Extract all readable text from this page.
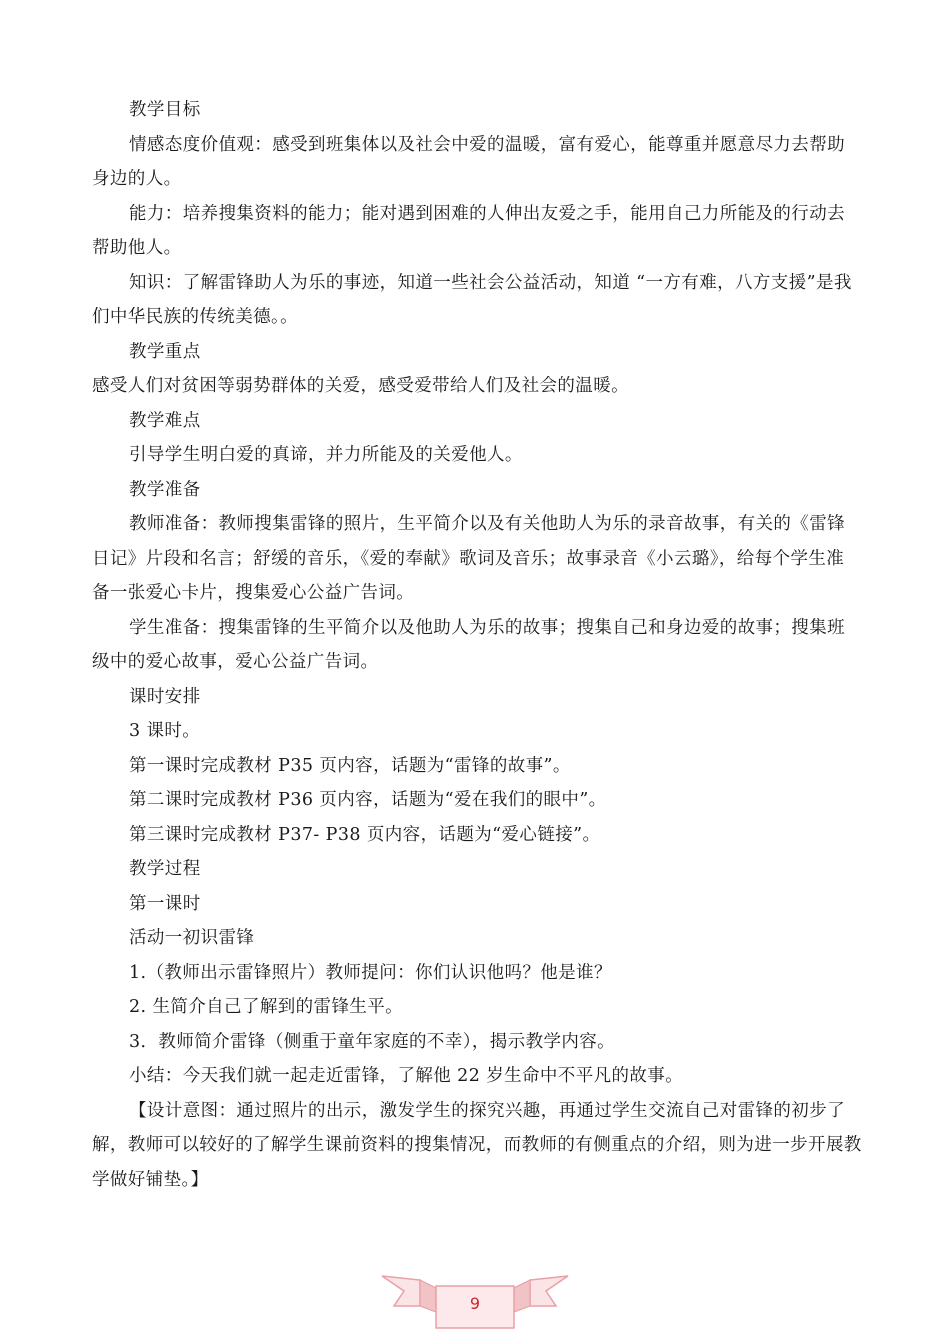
教学目标

情感态度价值观：感受到班集体以及社会中爱的温暖，富有爱心，能尊重并愿意尽力去帮助身边的人。

能力：培养搜集资料的能力；能对遇到困难的人伸出友爱之手，能用自己力所能及的行动去帮助他人。

知识：了解雷锋助人为乐的事迹，知道一些社会公益活动，知道 “一方有难，八方支援”是我们中华民族的传统美德。。

教学重点

感受人们对贫困等弱势群体的关爱，感受爱带给人们及社会的温暖。

教学难点

引导学生明白爱的真谛，并力所能及的关爱他人。

教学准备

教师准备：教师搜集雷锋的照片，生平简介以及有关他助人为乐的录音故事，有关的《雷锋日记》片段和名言；舒缓的音乐，《爱的奉献》歌词及音乐；故事录音《小云璐》，给每个学生准备一张爱心卡片，搜集爱心公益广告词。

学生准备：搜集雷锋的生平简介以及他助人为乐的故事；搜集自己和身边爱的故事；搜集班级中的爱心故事，爱心公益广告词。

课时安排

3 课时。

第一课时完成教材 P35 页内容，话题为“雷锋的故事”。

第二课时完成教材 P36 页内容，话题为“爱在我们的眼中”。

第三课时完成教材 P37- P38 页内容，话题为“爱心链接”。

教学过程

第一课时

活动一初识雷锋

1.（教师出示雷锋照片）教师提问：你们认识他吗？他是谁？

2. 生简介自己了解到的雷锋生平。

3．教师简介雷锋（侧重于童年家庭的不幸），揭示教学内容。

小结：今天我们就一起走近雷锋，了解他 22 岁生命中不平凡的故事。

【设计意图：通过照片的出示，激发学生的探究兴趣，再通过学生交流自己对雷锋的初步了解，教师可以较好的了解学生课前资料的搜集情况，而教师的有侧重点的介绍，则为进一步开展教学做好铺垫。】

9
